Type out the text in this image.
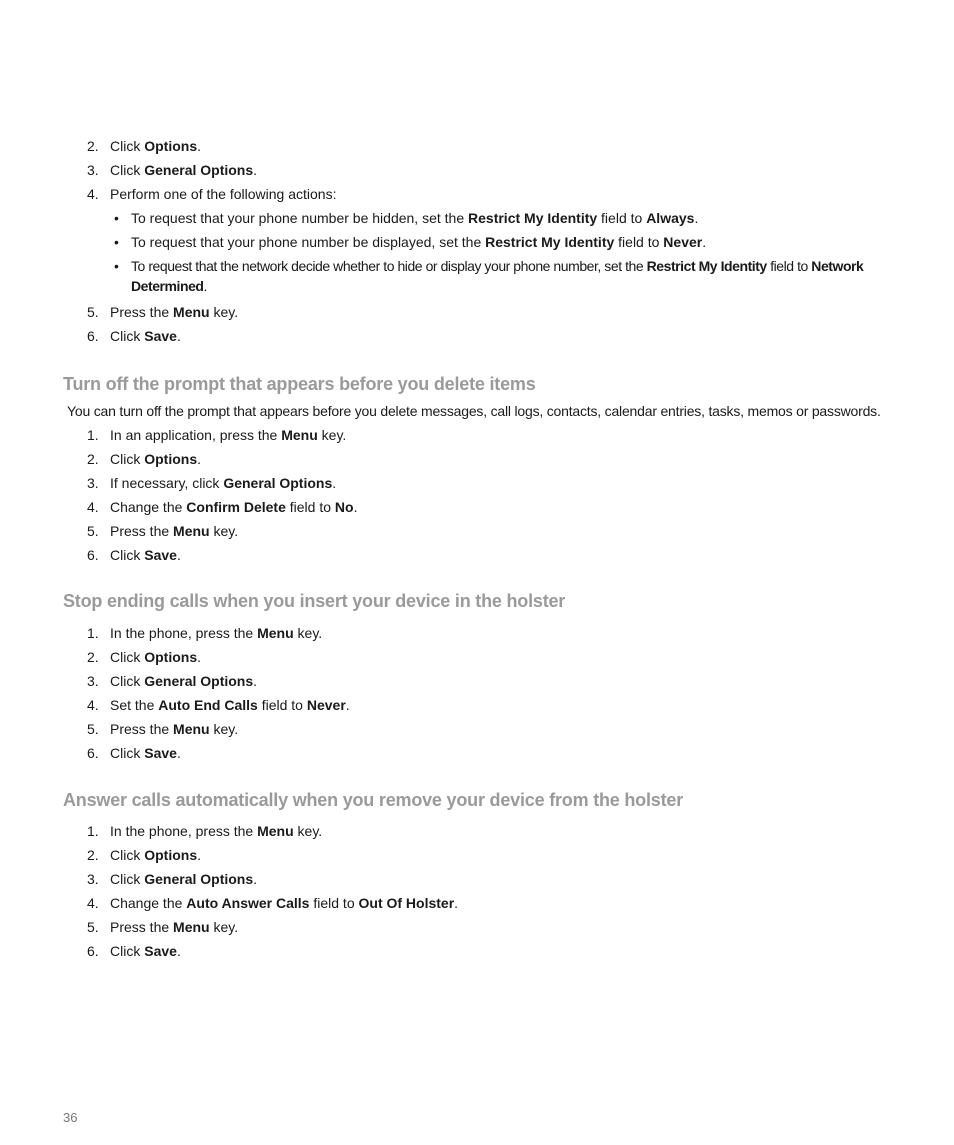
2. Click Options.
3. Click General Options.
4. Perform one of the following actions:
• To request that your phone number be hidden, set the Restrict My Identity field to Always.
• To request that your phone number be displayed, set the Restrict My Identity field to Never.
• To request that the network decide whether to hide or display your phone number, set the Restrict My Identity field to Network Determined.
5. Press the Menu key.
6. Click Save.
Turn off the prompt that appears before you delete items
You can turn off the prompt that appears before you delete messages, call logs, contacts, calendar entries, tasks, memos or passwords.
1. In an application, press the Menu key.
2. Click Options.
3. If necessary, click General Options.
4. Change the Confirm Delete field to No.
5. Press the Menu key.
6. Click Save.
Stop ending calls when you insert your device in the holster
1. In the phone, press the Menu key.
2. Click Options.
3. Click General Options.
4. Set the Auto End Calls field to Never.
5. Press the Menu key.
6. Click Save.
Answer calls automatically when you remove your device from the holster
1. In the phone, press the Menu key.
2. Click Options.
3. Click General Options.
4. Change the Auto Answer Calls field to Out Of Holster.
5. Press the Menu key.
6. Click Save.
36
